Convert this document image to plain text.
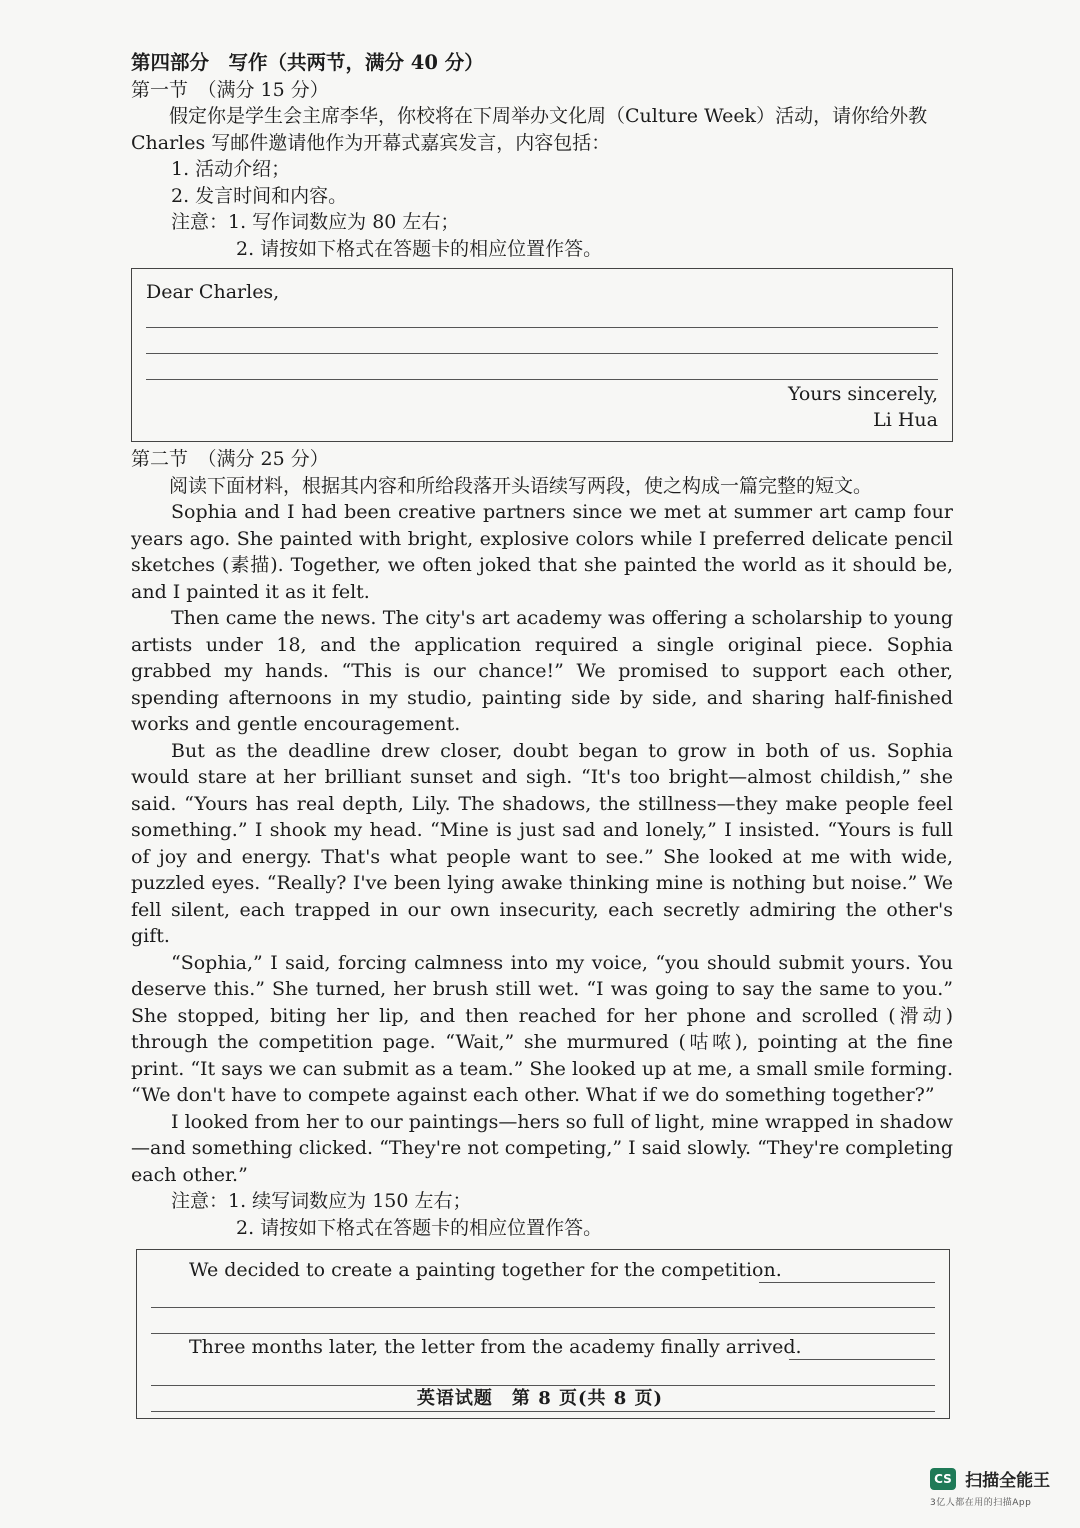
第四部分　写作（共两节，满分 40 分）
第一节　（满分 15 分）
假定你是学生会主席李华，你校将在下周举办文化周（Culture Week）活动，请你给外教 Charles 写邮件邀请他作为开幕式嘉宾发言，内容包括：
1. 活动介绍；
2. 发言时间和内容。
注意：1. 写作词数应为 80 左右；
2. 请按如下格式在答题卡的相应位置作答。
Dear Charles,
Yours sincerely,
Li Hua
第二节　（满分 25 分）
阅读下面材料，根据其内容和所给段落开头语续写两段，使之构成一篇完整的短文。

Sophia and I had been creative partners since we met at summer art camp four years ago. She painted with bright, explosive colors while I preferred delicate pencil sketches (素描). Together, we often joked that she painted the world as it should be, and I painted it as it felt.

Then came the news. The city's art academy was offering a scholarship to young artists under 18, and the application required a single original piece. Sophia grabbed my hands. “This is our chance!” We promised to support each other, spending afternoons in my studio, painting side by side, and sharing half-finished works and gentle encouragement.

But as the deadline drew closer, doubt began to grow in both of us. Sophia would stare at her brilliant sunset and sigh. “It's too bright—almost childish,” she said. “Yours has real depth, Lily. The shadows, the stillness—they make people feel something.” I shook my head. “Mine is just sad and lonely,” I insisted. “Yours is full of joy and energy. That's what people want to see.” She looked at me with wide, puzzled eyes. “Really? I've been lying awake thinking mine is nothing but noise.” We fell silent, each trapped in our own insecurity, each secretly admiring the other's gift.

“Sophia,” I said, forcing calmness into my voice, “you should submit yours. You deserve this.” She turned, her brush still wet. “I was going to say the same to you.” She stopped, biting her lip, and then reached for her phone and scrolled (滑动) through the competition page. “Wait,” she murmured (咕哝), pointing at the fine print. “It says we can submit as a team.” She looked up at me, a small smile forming. “We don't have to compete against each other. What if we do something together?”

I looked from her to our paintings—hers so full of light, mine wrapped in shadow—and something clicked. “They're not competing,” I said slowly. “They're completing each other.”

注意：1. 续写词数应为 150 左右；
2. 请按如下格式在答题卡的相应位置作答。
We decided to create a painting together for the competition.
Three months later, the letter from the academy finally arrived.
英语试题　第 8 页(共 8 页)
CS 扫描全能王
3亿人都在用的扫描App
